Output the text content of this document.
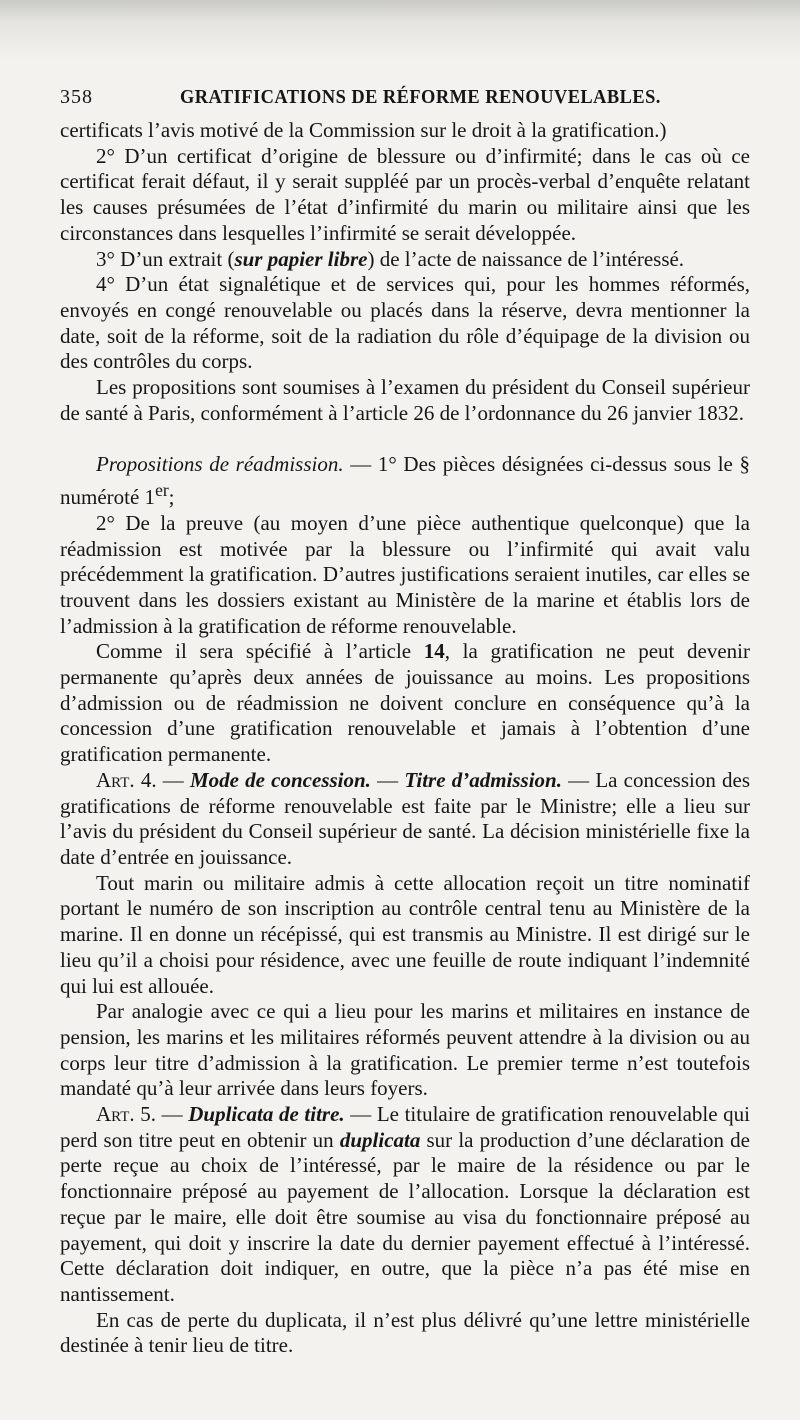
358	GRATIFICATIONS DE RÉFORME RENOUVELABLES.

certificats l’avis motivé de la Commission sur le droit à la gratification.)

2° D’un certificat d’origine de blessure ou d’infirmité; dans le cas où ce certificat ferait défaut, il y serait suppléé par un procès-verbal d’enquête relatant les causes présumées de l’état d’infirmité du marin ou militaire ainsi que les circonstances dans lesquelles l’infirmité se serait développée.

3° D’un extrait (sur papier libre) de l’acte de naissance de l’intéressé.

4° D’un état signalétique et de services qui, pour les hommes réformés, envoyés en congé renouvelable ou placés dans la réserve, devra mentionner la date, soit de la réforme, soit de la radiation du rôle d’équipage de la division ou des contrôles du corps.

Les propositions sont soumises à l’examen du président du Conseil supérieur de santé à Paris, conformément à l’article 26 de l’ordonnance du 26 janvier 1832.

Propositions de réadmission. — 1° Des pièces désignées ci-dessus sous le § numéroté 1er;

2° De la preuve (au moyen d’une pièce authentique quelconque) que la réadmission est motivée par la blessure ou l’infirmité qui avait valu précédemment la gratification. D’autres justifications seraient inutiles, car elles se trouvent dans les dossiers existant au Ministère de la marine et établis lors de l’admission à la gratification de réforme renouvelable.

Comme il sera spécifié à l’article 14, la gratification ne peut devenir permanente qu’après deux années de jouissance au moins. Les propositions d’admission ou de réadmission ne doivent conclure en conséquence qu’à la concession d’une gratification renouvelable et jamais à l’obtention d’une gratification permanente.

Art. 4. — Mode de concession. — Titre d’admission. — La concession des gratifications de réforme renouvelable est faite par le Ministre; elle a lieu sur l’avis du président du Conseil supérieur de santé. La décision ministérielle fixe la date d’entrée en jouissance.

Tout marin ou militaire admis à cette allocation reçoit un titre nominatif portant le numéro de son inscription au contrôle central tenu au Ministère de la marine. Il en donne un récépissé, qui est transmis au Ministre. Il est dirigé sur le lieu qu’il a choisi pour résidence, avec une feuille de route indiquant l’indemnité qui lui est allouée.

Par analogie avec ce qui a lieu pour les marins et militaires en instance de pension, les marins et les militaires réformés peuvent attendre à la division ou au corps leur titre d’admission à la gratification. Le premier terme n’est toutefois mandaté qu’à leur arrivée dans leurs foyers.

Art. 5. — Duplicata de titre. — Le titulaire de gratification renouvelable qui perd son titre peut en obtenir un duplicata sur la production d’une déclaration de perte reçue au choix de l’intéressé, par le maire de la résidence ou par le fonctionnaire préposé au payement de l’allocation. Lorsque la déclaration est reçue par le maire, elle doit être soumise au visa du fonctionnaire préposé au payement, qui doit y inscrire la date du dernier payement effectué à l’intéressé. Cette déclaration doit indiquer, en outre, que la pièce n’a pas été mise en nantissement.

En cas de perte du duplicata, il n’est plus délivré qu’une lettre ministérielle destinée à tenir lieu de titre.
